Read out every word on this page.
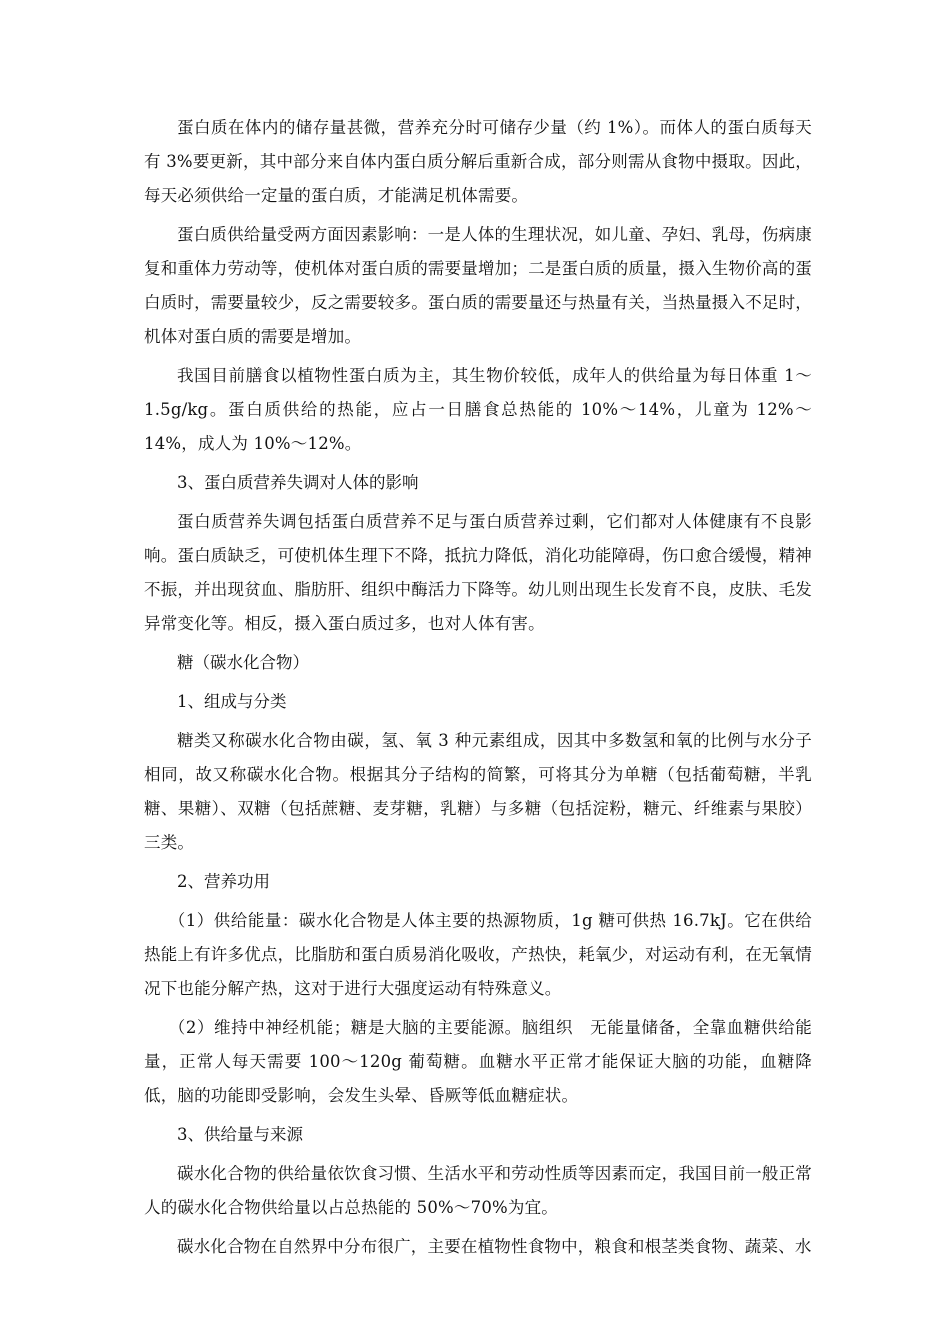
蛋白质在体内的储存量甚微，营养充分时可储存少量（约 1%）。而体人的蛋白质每天有 3%要更新，其中部分来自体内蛋白质分解后重新合成，部分则需从食物中摄取。因此，每天必须供给一定量的蛋白质，才能满足机体需要。

蛋白质供给量受两方面因素影响：一是人体的生理状况，如儿童、孕妇、乳母，伤病康复和重体力劳动等，使机体对蛋白质的需要量增加；二是蛋白质的质量，摄入生物价高的蛋白质时，需要量较少，反之需要较多。蛋白质的需要量还与热量有关，当热量摄入不足时，机体对蛋白质的需要是增加。

我国目前膳食以植物性蛋白质为主，其生物价较低，成年人的供给量为每日体重 1～1.5g/kg。蛋白质供给的热能，应占一日膳食总热能的 10%～14%，儿童为 12%～14%，成人为 10%～12%。

3、蛋白质营养失调对人体的影响

蛋白质营养失调包括蛋白质营养不足与蛋白质营养过剩，它们都对人体健康有不良影响。蛋白质缺乏，可使机体生理下不降，抵抗力降低，消化功能障碍，伤口愈合缓慢，精神不振，并出现贫血、脂肪肝、组织中酶活力下降等。幼儿则出现生长发育不良，皮肤、毛发异常变化等。相反，摄入蛋白质过多，也对人体有害。

糖（碳水化合物）

1、组成与分类

糖类又称碳水化合物由碳，氢、氧 3 种元素组成，因其中多数氢和氧的比例与水分子相同，故又称碳水化合物。根据其分子结构的简繁，可将其分为单糖（包括葡萄糖，半乳糖、果糖）、双糖（包括蔗糖、麦芽糖，乳糖）与多糖（包括淀粉，糖元、纤维素与果胶）三类。

2、营养功用

（1）供给能量：碳水化合物是人体主要的热源物质，1g 糖可供热 16.7kJ。它在供给热能上有许多优点，比脂肪和蛋白质易消化吸收，产热快，耗氧少，对运动有利，在无氧情况下也能分解产热，这对于进行大强度运动有特殊意义。

（2）维持中神经机能；糖是大脑的主要能源。脑组织　无能量储备，全靠血糖供给能量，正常人每天需要 100～120g 葡萄糖。血糖水平正常才能保证大脑的功能，血糖降低，脑的功能即受影响，会发生头晕、昏厥等低血糖症状。

3、供给量与来源

碳水化合物的供给量依饮食习惯、生活水平和劳动性质等因素而定，我国目前一般正常人的碳水化合物供给量以占总热能的 50%～70%为宜。

碳水化合物在自然界中分布很广，主要在植物性食物中，粮食和根茎类食物、蔬菜、水
